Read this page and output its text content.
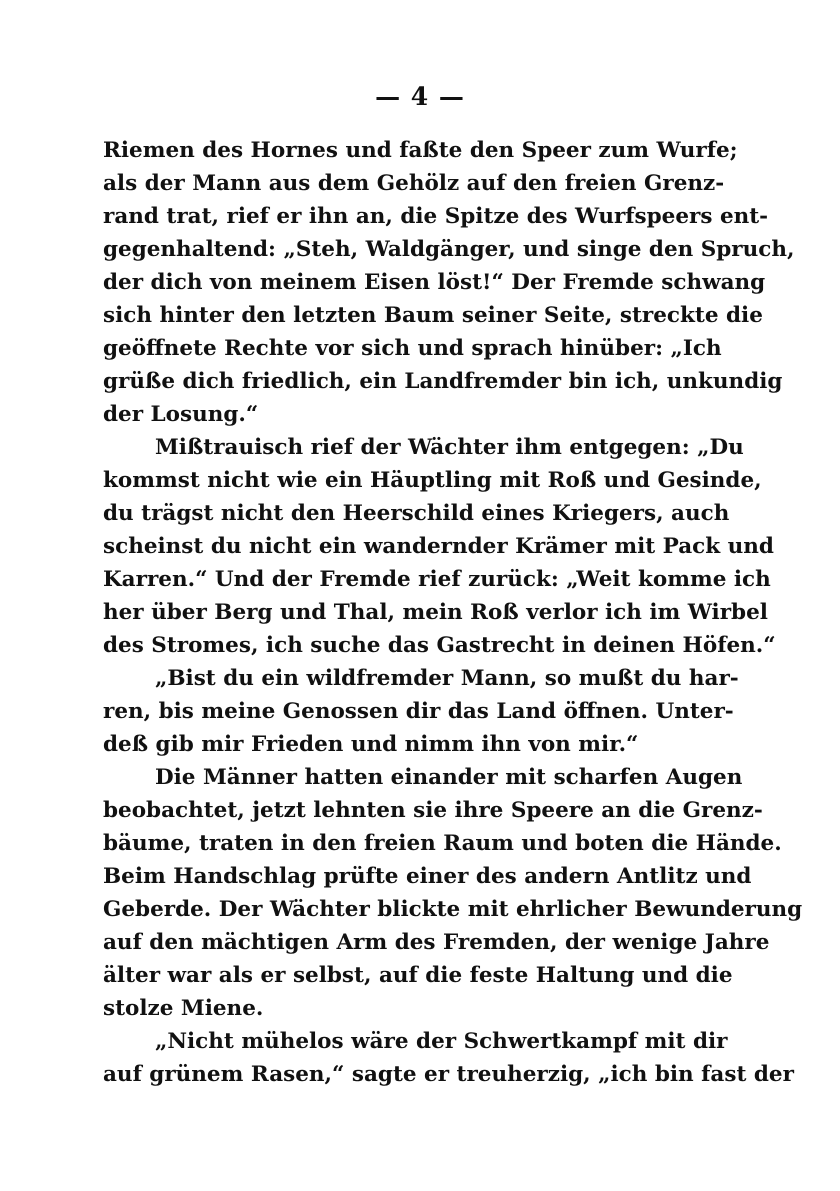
— 4 —
Riemen des Hornes und faßte den Speer zum Wurfe;
als der Mann aus dem Gehölz auf den freien Grenz-
rand trat, rief er ihn an, die Spitze des Wurfspeers ent-
gegenhaltend: „Steh, Waldgänger, und singe den Spruch,
der dich von meinem Eisen löst!“ Der Fremde schwang
sich hinter den letzten Baum seiner Seite, streckte die
geöffnete Rechte vor sich und sprach hinüber: „Ich
grüße dich friedlich, ein Landfremder bin ich, unkundig
der Losung.“
Mißtrauisch rief der Wächter ihm entgegen: „Du
kommst nicht wie ein Häuptling mit Roß und Gesinde,
du trägst nicht den Heerschild eines Kriegers, auch
scheinst du nicht ein wandernder Krämer mit Pack und
Karren.“ Und der Fremde rief zurück: „Weit komme ich
her über Berg und Thal, mein Roß verlor ich im Wirbel
des Stromes, ich suche das Gastrecht in deinen Höfen.“
„Bist du ein wildfremder Mann, so mußt du har-
ren, bis meine Genossen dir das Land öffnen. Unter-
deß gib mir Frieden und nimm ihn von mir.“
Die Männer hatten einander mit scharfen Augen
beobachtet, jetzt lehnten sie ihre Speere an die Grenz-
bäume, traten in den freien Raum und boten die Hände.
Beim Handschlag prüfte einer des andern Antlitz und
Geberde. Der Wächter blickte mit ehrlicher Bewunderung
auf den mächtigen Arm des Fremden, der wenige Jahre
älter war als er selbst, auf die feste Haltung und die
stolze Miene.
„Nicht mühelos wäre der Schwertkampf mit dir
auf grünem Rasen,“ sagte er treuherzig, „ich bin fast der
